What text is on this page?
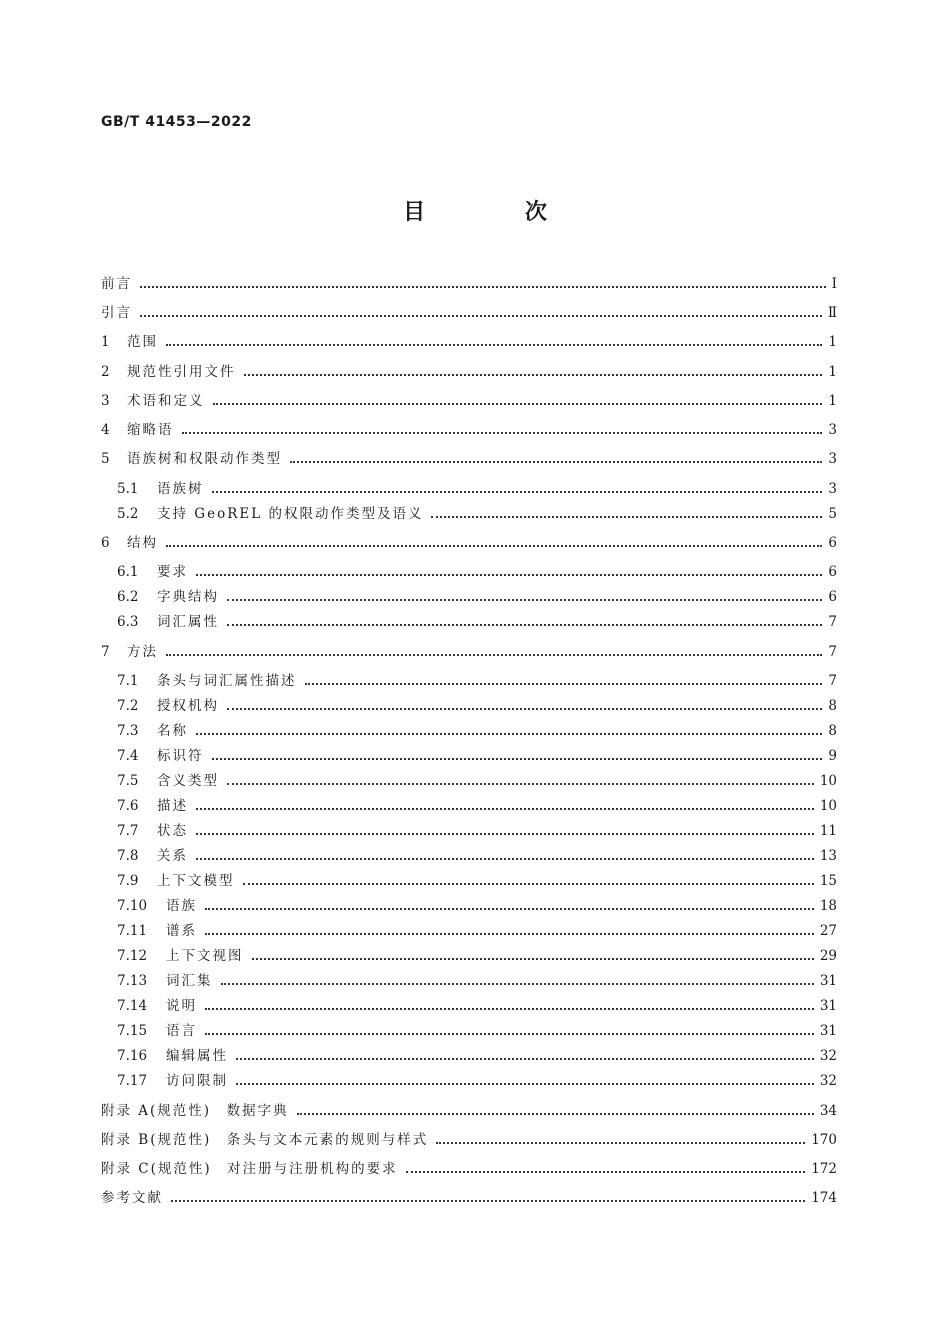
GB/T 41453—2022
目 次
前言	Ⅰ
引言	Ⅱ
1	范围	1
2	规范性引用文件	1
3	术语和定义	1
4	缩略语	3
5	语族树和权限动作类型	3
5.1	语族树	3
5.2	支持 GeoREL 的权限动作类型及语义	5
6	结构	6
6.1	要求	6
6.2	字典结构	6
6.3	词汇属性	7
7	方法	7
7.1	条头与词汇属性描述	7
7.2	授权机构	8
7.3	名称	8
7.4	标识符	9
7.5	含义类型	10
7.6	描述	10
7.7	状态	11
7.8	关系	13
7.9	上下文模型	15
7.10	语族	18
7.11	谱系	27
7.12	上下文视图	29
7.13	词汇集	31
7.14	说明	31
7.15	语言	31
7.16	编辑属性	32
7.17	访问限制	32
附录 A(规范性)　数据字典	34
附录 B(规范性)　条头与文本元素的规则与样式	170
附录 C(规范性)　对注册与注册机构的要求	172
参考文献	174
